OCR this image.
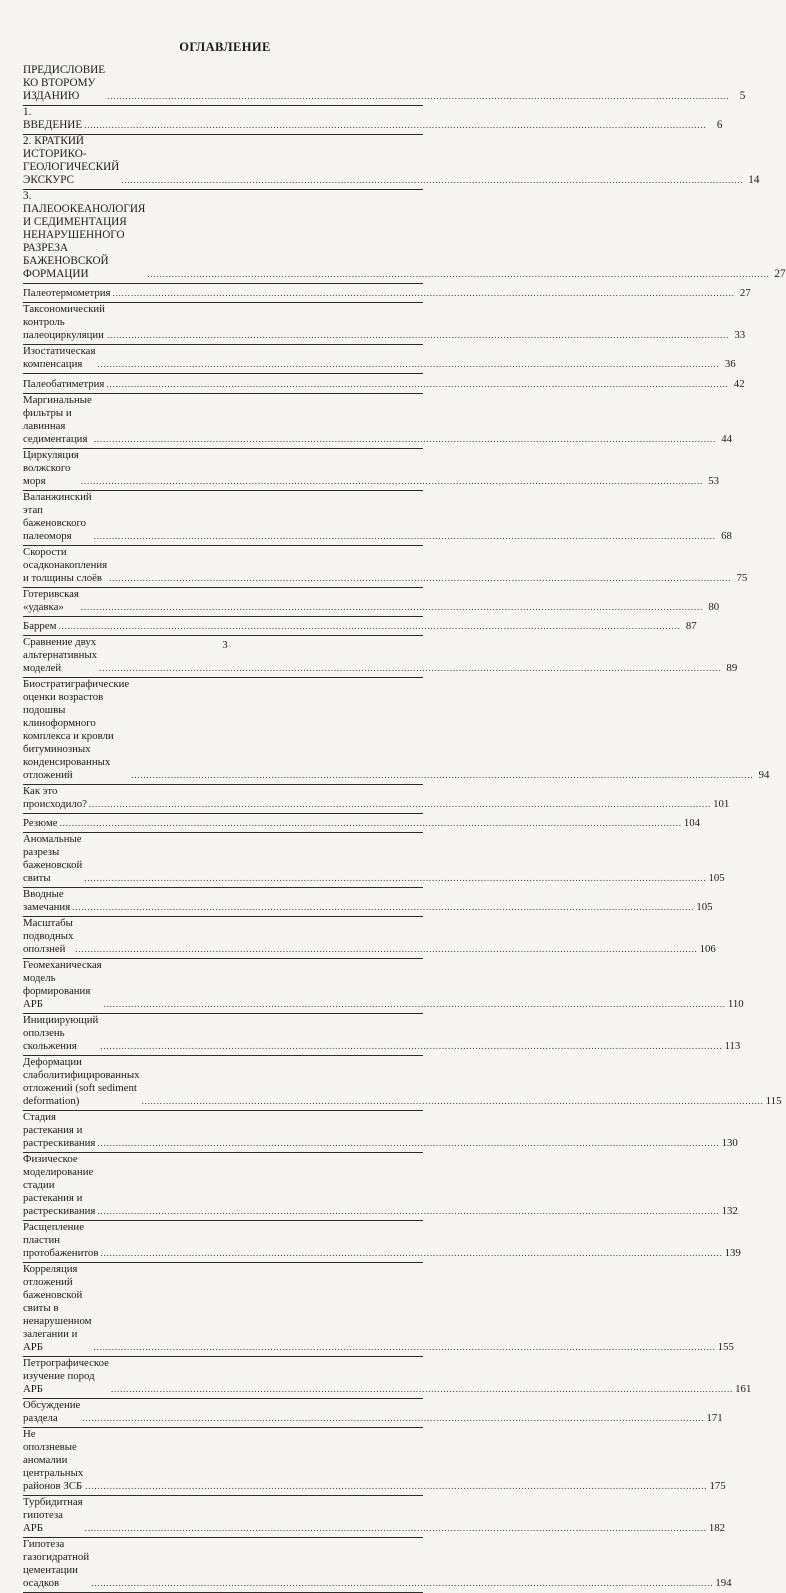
ОГЛАВЛЕНИЕ
ПРЕДИСЛОВИЕ КО ВТОРОМУ ИЗДАНИЮ .....	5
1. ВВЕДЕНИЕ .....	6
2. КРАТКИЙ ИСТОРИКО-ГЕОЛОГИЧЕСКИЙ ЭКСКУРС .....	14
3. ПАЛЕООКЕАНОЛОГИЯ И СЕДИМЕНТАЦИЯ НЕНАРУШЕННОГО РАЗРЕЗА БАЖЕНОВСКОЙ ФОРМАЦИИ .....	27
Палеотермометрия .....	27
Таксономический контроль палеоциркуляции .....	33
Изостатическая компенсация .....	36
Палеобатиметрия .....	42
Маргинальные фильтры и лавинная седиментация .....	44
Циркуляция волжского моря .....	53
Валанжинский этап баженовского палеоморя .....	68
Скорости осадконакопления и толщины слоёв .....	75
Готеривская «удавка» .....	80
Баррем .....	87
Сравнение двух альтернативных моделей .....	89
Биостратиграфические оценки возрастов подошвы клиноформного комплекса и кровли битуминозных конденсированных отложений .....	94
Как это происходило? .....	101
Резюме .....	104
Аномальные разрезы баженовской свиты .....	105
Вводные замечания .....	105
Масштабы подводных оползней .....	106
Геомеханическая модель формирования АРБ .....	110
Инициирующий оползень скольжения .....	113
Деформации слаболитифицированных отложений (soft sediment deformation) .....	115
Стадия растекания и растрескивания .....	130
Физическое моделирование стадии растекания и растрескивания .....	132
Расщепление пластин протобаженитов .....	139
Корреляция отложений баженовской свиты в ненарушенном залегании и АРБ .....	155
Петрографическое изучение пород АРБ .....	161
Обсуждение раздела .....	171
Не оползневые аномалии центральных районов ЗСБ .....	175
Турбидитная гипотеза АРБ .....	182
Гипотеза газогидратной цементации осадков .....	194
3
